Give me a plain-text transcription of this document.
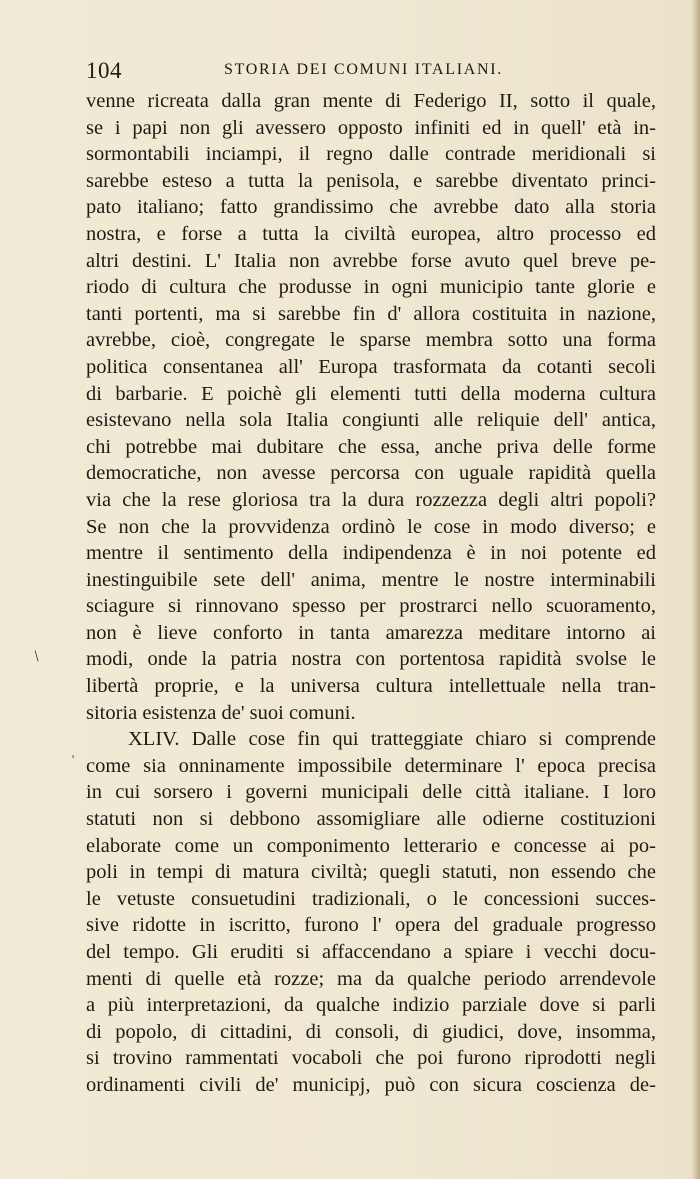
104	STORIA DEI COMUNI ITALIANI.
venne ricreata dalla gran mente di Federigo II, sotto il quale,
se i papi non gli avessero opposto infiniti ed in quell' età in-
sormontabili inciampi, il regno dalle contrade meridionali si
sarebbe esteso a tutta la penisola, e sarebbe diventato princi-
pato italiano; fatto grandissimo che avrebbe dato alla storia
nostra, e forse a tutta la civiltà europea, altro processo ed
altri destini. L' Italia non avrebbe forse avuto quel breve pe-
riodo di cultura che produsse in ogni municipio tante glorie e
tanti portenti, ma si sarebbe fin d' allora costituita in nazione,
avrebbe, cioè, congregate le sparse membra sotto una forma
politica consentanea all' Europa trasformata da cotanti secoli
di barbarie. E poichè gli elementi tutti della moderna cultura
esistevano nella sola Italia congiunti alle reliquie dell' antica,
chi potrebbe mai dubitare che essa, anche priva delle forme
democratiche, non avesse percorsa con uguale rapidità quella
via che la rese gloriosa tra la dura rozzezza degli altri popoli?
Se non che la provvidenza ordinò le cose in modo diverso; e
mentre il sentimento della indipendenza è in noi potente ed
inestinguibile sete dell' anima, mentre le nostre interminabili
sciagure si rinnovano spesso per prostrarci nello scuoramento,
non è lieve conforto in tanta amarezza meditare intorno ai
modi, onde la patria nostra con portentosa rapidità svolse le
libertà proprie, e la universa cultura intellettuale nella tran-
sitoria esistenza de' suoi comuni.
XLIV. Dalle cose fin qui tratteggiate chiaro si comprende
come sia onninamente impossibile determinare l' epoca precisa
in cui sorsero i governi municipali delle città italiane. I loro
statuti non si debbono assomigliare alle odierne costituzioni
elaborate come un componimento letterario e concesse ai po-
poli in tempi di matura civiltà; quegli statuti, non essendo che
le vetuste consuetudini tradizionali, o le concessioni succes-
sive ridotte in iscritto, furono l' opera del graduale progresso
del tempo. Gli eruditi si affaccendano a spiare i vecchi docu-
menti di quelle età rozze; ma da qualche periodo arrendevole
a più interpretazioni, da qualche indizio parziale dove si parli
di popolo, di cittadini, di consoli, di giudici, dove, insomma,
si trovino rammentati vocaboli che poi furono riprodotti negli
ordinamenti civili de' municipj, può con sicura coscienza de-
/
'
